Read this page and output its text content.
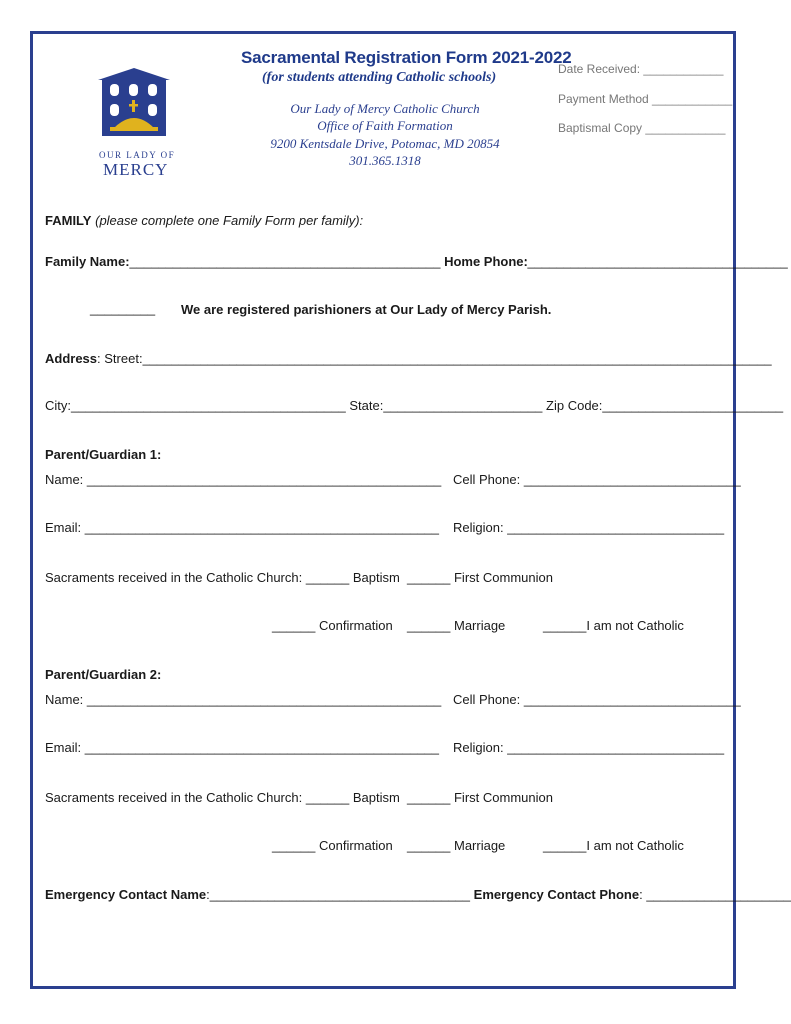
OUR LADY OF
MERCY
Sacramental Registration Form 2021-2022
(for students attending Catholic schools)
Our Lady of Mercy Catholic Church
Office of Faith Formation
9200 Kentsdale Drive, Potomac, MD 20854
301.365.1318
Date Received: ____________
Payment Method ____________
Baptismal Copy ____________
FAMILY (please complete one Family Form per family):
Family Name:___________________________________________ Home Phone::____________________________________
_________ We are registered parishioners at Our Lady of Mercy Parish.
Address: Street:_______________________________________________________________________________________
City:______________________________________ State:______________________ Zip Code:_________________________
Parent/Guardian 1:
Name: _________________________________________________ Cell Phone: ______________________________
Email: _________________________________________________ Religion: ______________________________
Sacraments received in the Catholic Church: ______ Baptism ______ First Communion
______ Confirmation ______ Marriage	______I am not Catholic
Parent/Guardian 2:
Name: _________________________________________________ Cell Phone: ______________________________
Email: _________________________________________________ Religion: ______________________________
Sacraments received in the Catholic Church: ______ Baptism ______ First Communion
______ Confirmation ______ Marriage	______I am not Catholic
Emergency Contact Name:____________________________________ Emergency Contact Phone: ____________________
